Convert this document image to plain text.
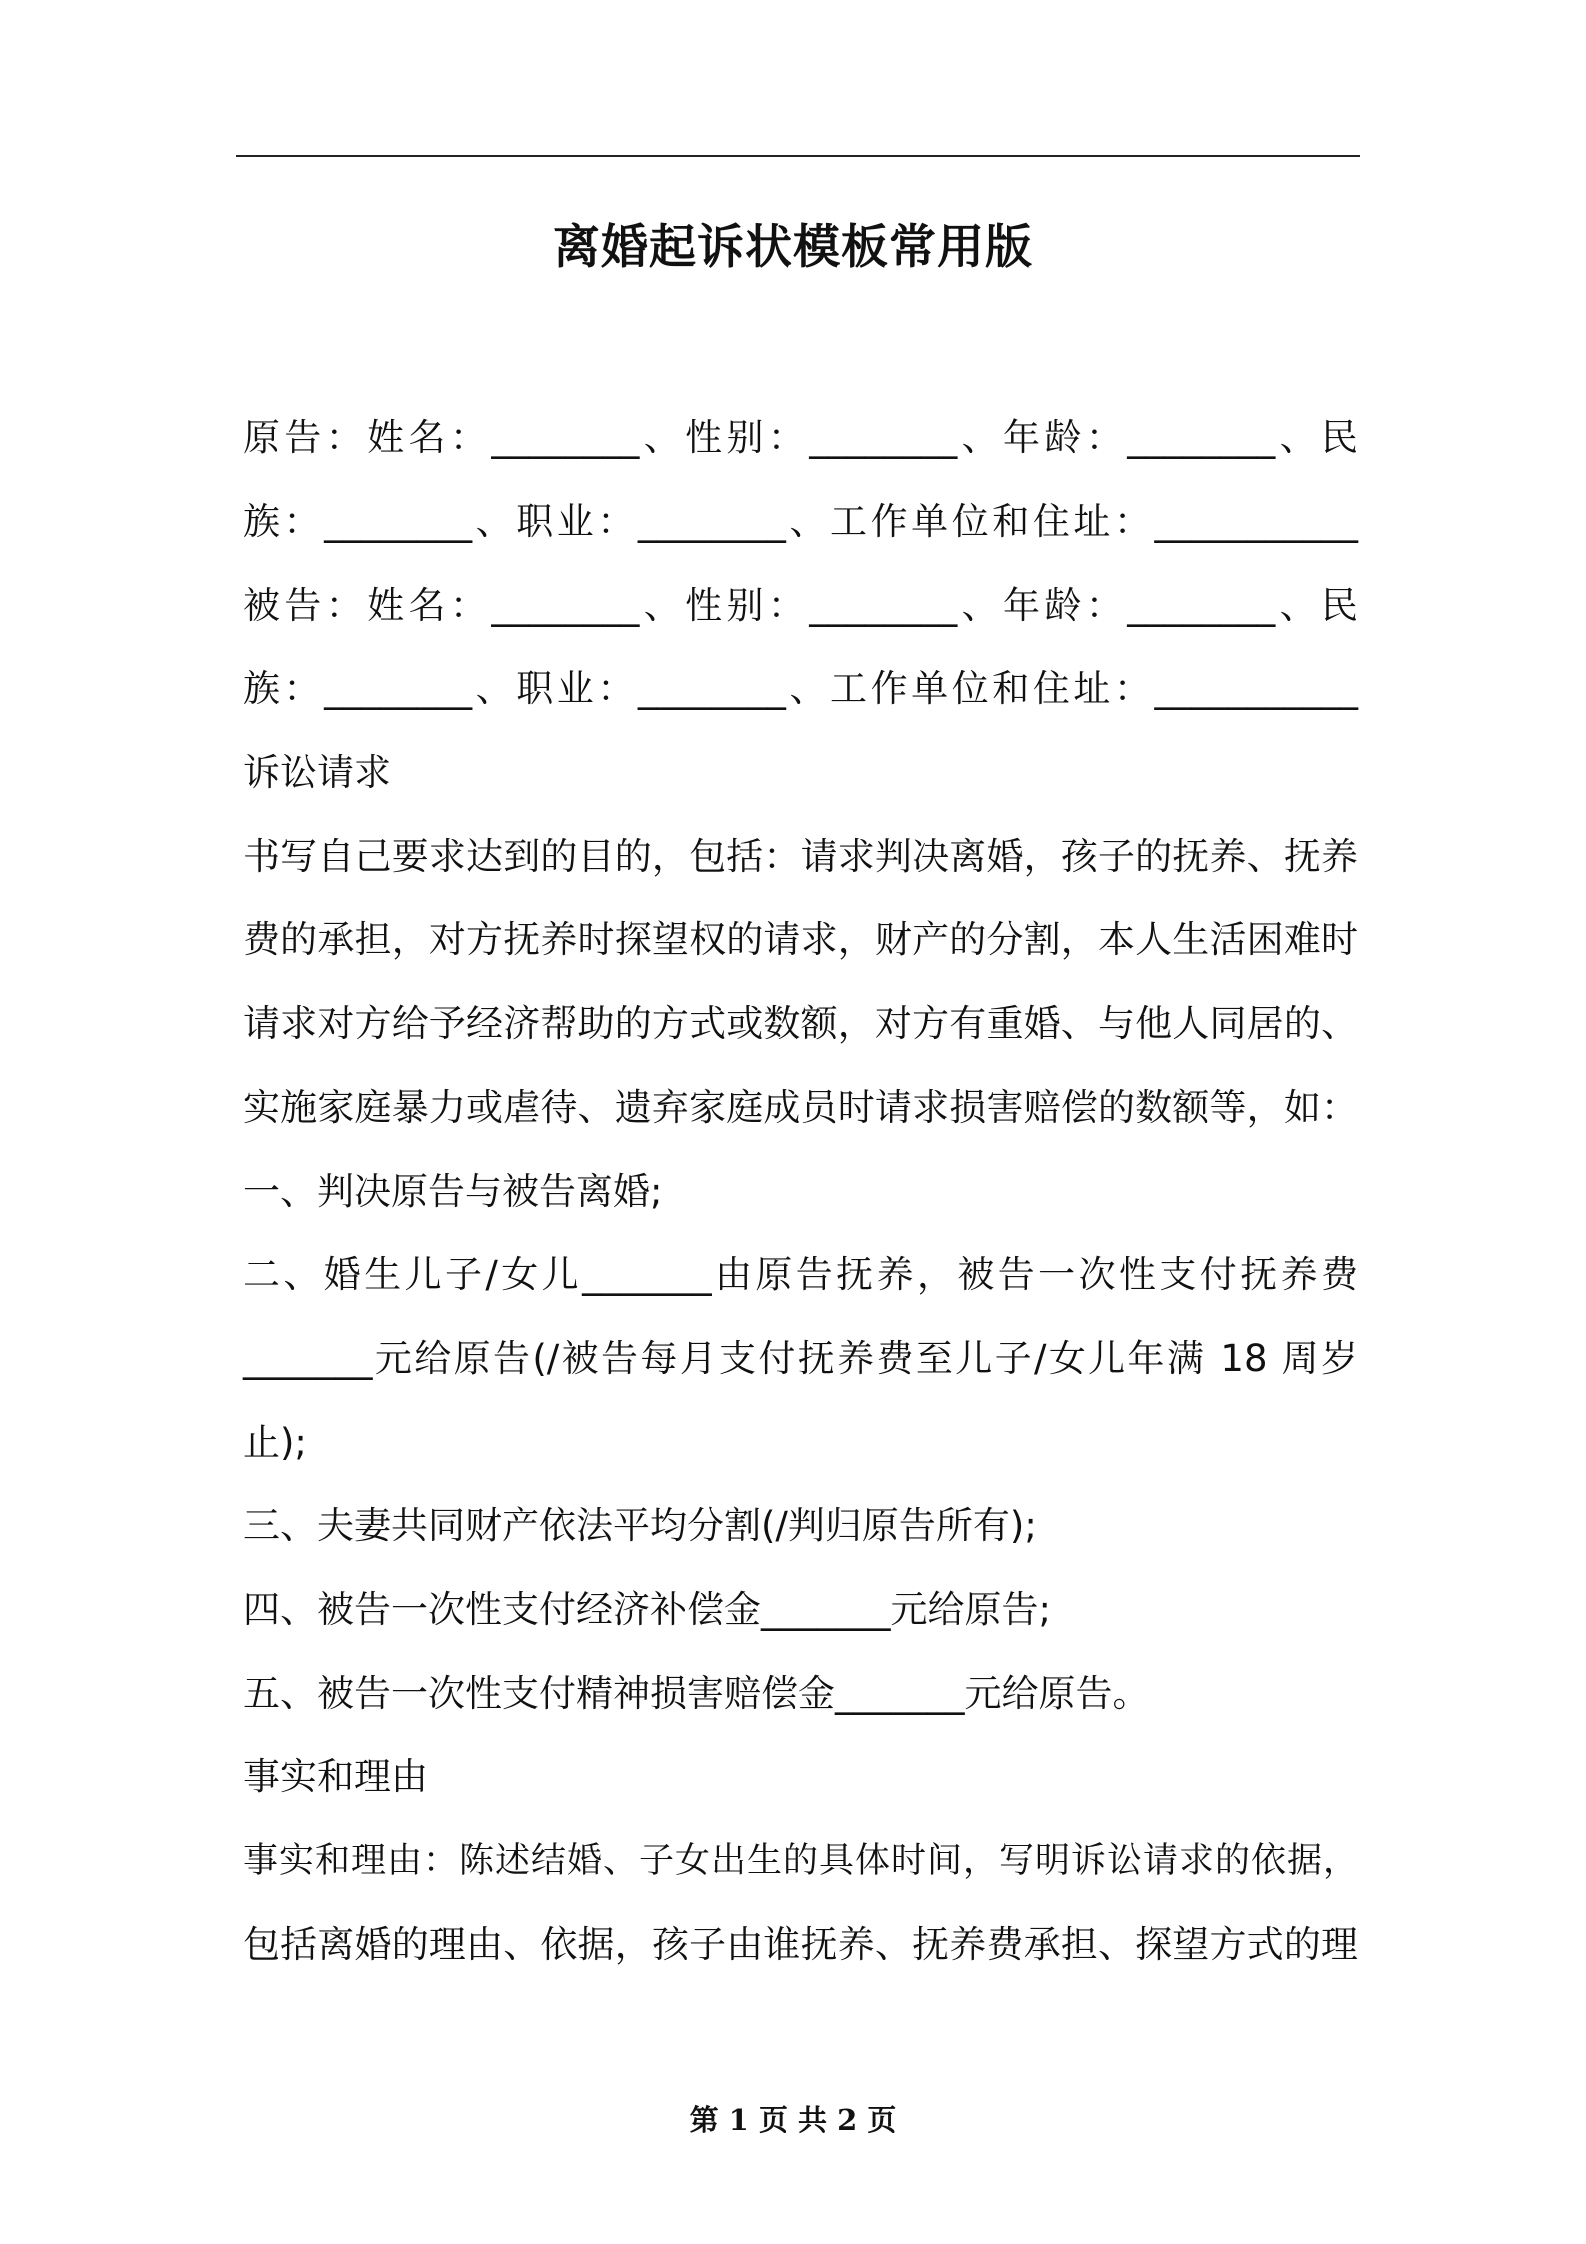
离婚起诉状模板常用版
原告：姓名：________、性别：________、年龄：________、民
族：________、职业：________、工作单位和住址：___________
被告：姓名：________、性别：________、年龄：________、民
族：________、职业：________、工作单位和住址：___________
诉讼请求
书写自己要求达到的目的，包括：请求判决离婚，孩子的抚养、抚养
费的承担，对方抚养时探望权的请求，财产的分割，本人生活困难时
请求对方给予经济帮助的方式或数额，对方有重婚、与他人同居的、
实施家庭暴力或虐待、遗弃家庭成员时请求损害赔偿的数额等，如：
一、判决原告与被告离婚;
二、婚生儿子/女儿_______由原告抚养，被告一次性支付抚养费
_______元给原告(/被告每月支付抚养费至儿子/女儿年满 18 周岁
止);
三、夫妻共同财产依法平均分割(/判归原告所有);
四、被告一次性支付经济补偿金_______元给原告;
五、被告一次性支付精神损害赔偿金_______元给原告。
事实和理由
事实和理由：陈述结婚、子女出生的具体时间，写明诉讼请求的依据，
包括离婚的理由、依据，孩子由谁抚养、抚养费承担、探望方式的理
第 1 页 共 2 页
